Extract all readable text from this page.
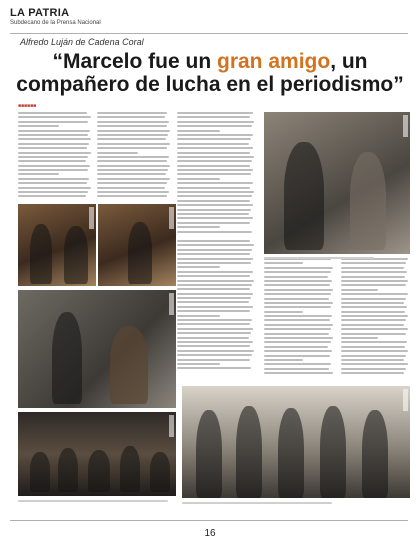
LA PATRIA
Subdecano de la Prensa Nacional
Alfredo Luján de Cadena Coral
“Marcelo fue un gran amigo, un compañero de lucha en el periodismo”
■■■■■■
16
